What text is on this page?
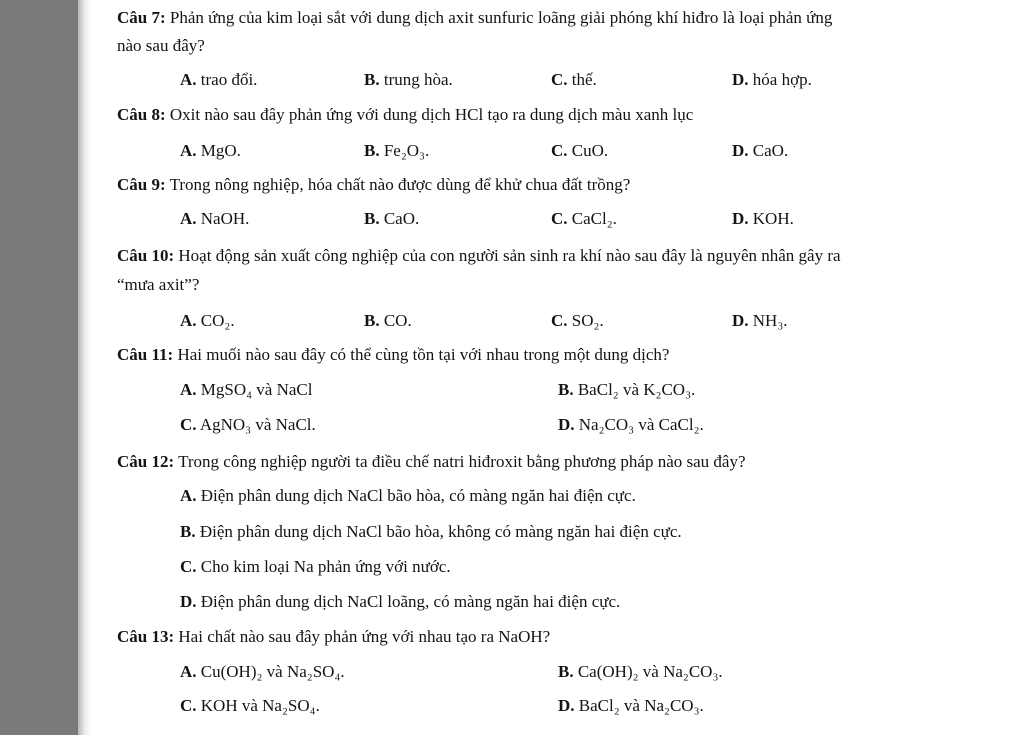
Câu 7: Phản ứng của kim loại sắt với dung dịch axit sunfuric loãng giải phóng khí hiđro là loại phản ứng
nào sau đây?
A. trao đổi.	B. trung hòa.	C. thế.	D. hóa hợp.
Câu 8: Oxit nào sau đây phản ứng với dung dịch HCl tạo ra dung dịch màu xanh lục
A. MgO.	B. Fe₂O₃.	C. CuO.	D. CaO.
Câu 9: Trong nông nghiệp, hóa chất nào được dùng để khử chua đất trồng?
A. NaOH.	B. CaO.	C. CaCl₂.	D. KOH.
Câu 10: Hoạt động sản xuất công nghiệp của con người sản sinh ra khí nào sau đây là nguyên nhân gây ra
“mưa axit”?
A. CO₂.	B. CO.	C. SO₂.	D. NH₃.
Câu 11: Hai muối nào sau đây có thể cùng tồn tại với nhau trong một dung dịch?
A. MgSO₄ và NaCl	B. BaCl₂ và K₂CO₃.
C. AgNO₃ và NaCl.	D. Na₂CO₃ và CaCl₂.
Câu 12: Trong công nghiệp người ta điều chế natri hiđroxit bằng phương pháp nào sau đây?
A. Điện phân dung dịch NaCl bão hòa, có màng ngăn hai điện cực.
B. Điện phân dung dịch NaCl bão hòa, không có màng ngăn hai điện cực.
C. Cho kim loại Na phản ứng với nước.
D. Điện phân dung dịch NaCl loãng, có màng ngăn hai điện cực.
Câu 13: Hai chất nào sau đây phản ứng với nhau tạo ra NaOH?
A. Cu(OH)₂ và Na₂SO₄.	B. Ca(OH)₂ và Na₂CO₃.
C. KOH và Na₂SO₄.	D. BaCl₂ và Na₂CO₃.
